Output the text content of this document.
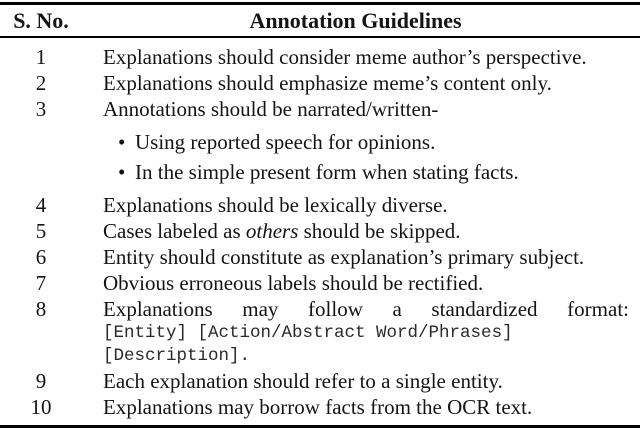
S. No.	Annotation Guidelines
1	Explanations should consider meme author’s perspective.
2	Explanations should emphasize meme’s content only.
3	Annotations should be narrated/written-
• Using reported speech for opinions.
• In the simple present form when stating facts.
4	Explanations should be lexically diverse.
5	Cases labeled as others should be skipped.
6	Entity should constitute as explanation’s primary subject.
7	Obvious erroneous labels should be rectified.
8	Explanations may follow a standardized format:
[Entity] [Action/Abstract Word/Phrases]
[Description].
9	Each explanation should refer to a single entity.
10	Explanations may borrow facts from the OCR text.
